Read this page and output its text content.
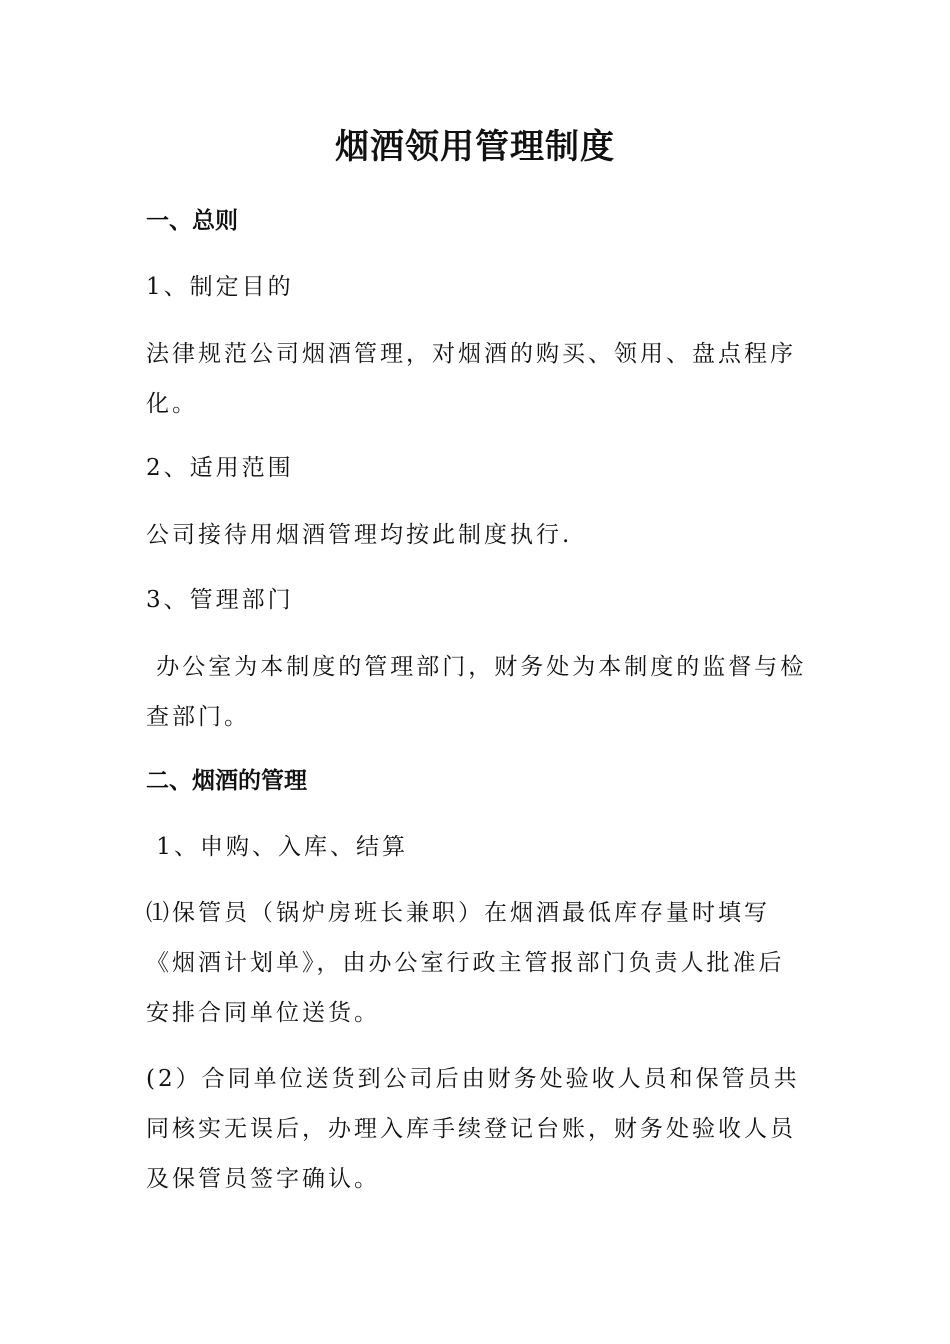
烟酒领用管理制度
一、总则
1、制定目的
法律规范公司烟酒管理，对烟酒的购买、领用、盘点程序
化。
2、适用范围
公司接待用烟酒管理均按此制度执行.
3、管理部门
办公室为本制度的管理部门，财务处为本制度的监督与检
查部门。
二、烟酒的管理
1、申购、入库、结算
⑴保管员（锅炉房班长兼职）在烟酒最低库存量时填写
《烟酒计划单》，由办公室行政主管报部门负责人批准后
安排合同单位送货。
(2）合同单位送货到公司后由财务处验收人员和保管员共
同核实无误后，办理入库手续登记台账，财务处验收人员
及保管员签字确认。
